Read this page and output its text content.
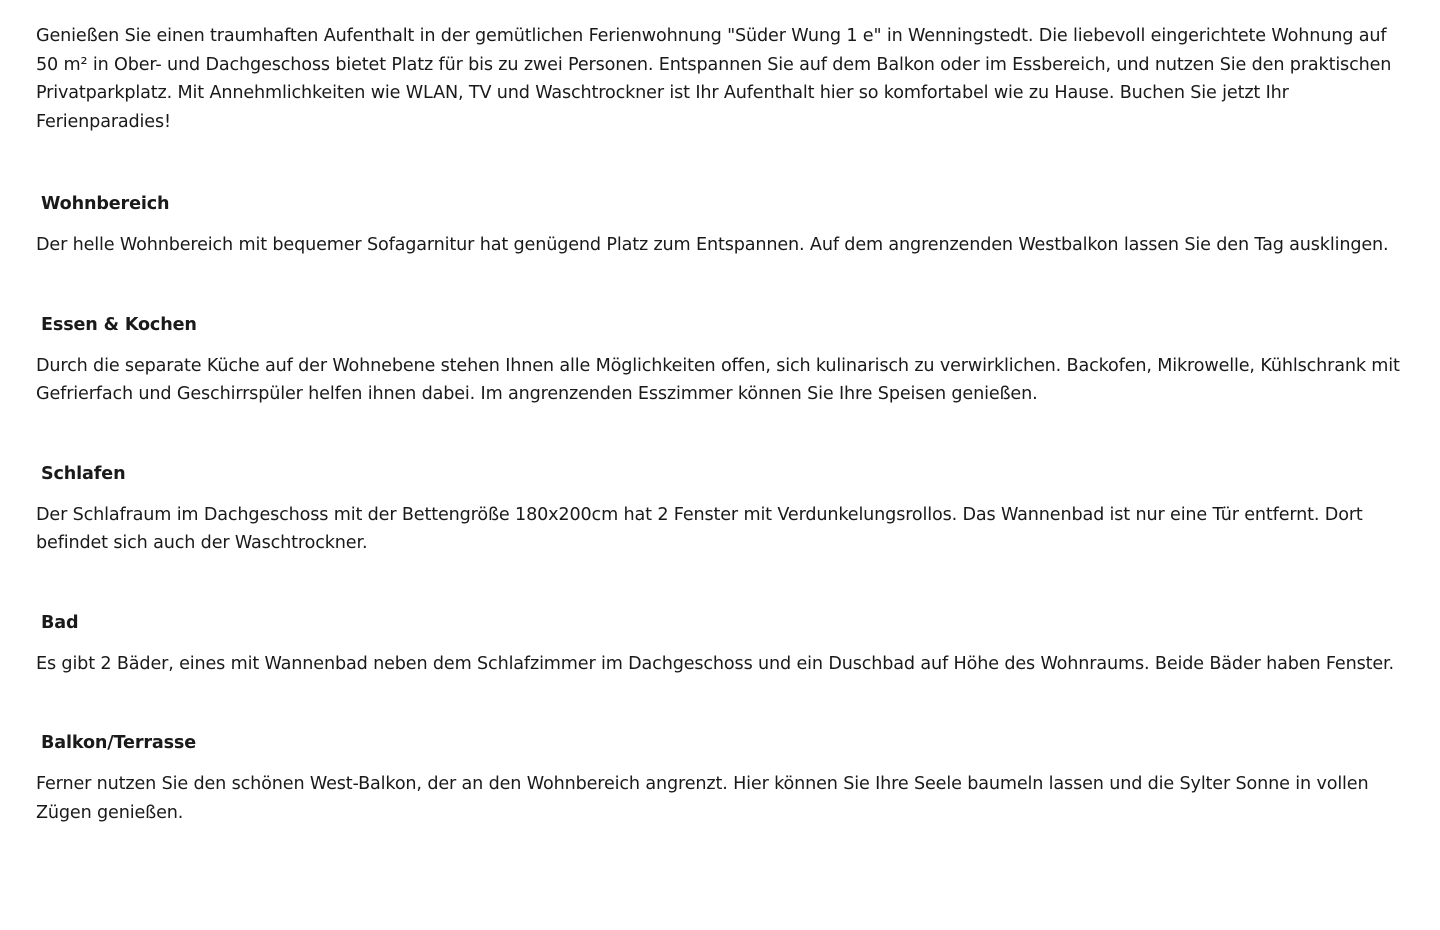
Genießen Sie einen traumhaften Aufenthalt in der gemütlichen Ferienwohnung "Süder Wung 1 e" in Wenningstedt. Die liebevoll eingerichtete Wohnung auf 50 m² in Ober- und Dachgeschoss bietet Platz für bis zu zwei Personen. Entspannen Sie auf dem Balkon oder im Essbereich, und nutzen Sie den praktischen Privatparkplatz. Mit Annehmlichkeiten wie WLAN, TV und Waschtrockner ist Ihr Aufenthalt hier so komfortabel wie zu Hause. Buchen Sie jetzt Ihr Ferienparadies!

Wohnbereich

Der helle Wohnbereich mit bequemer Sofagarnitur hat genügend Platz zum Entspannen. Auf dem angrenzenden Westbalkon lassen Sie den Tag ausklingen.

Essen & Kochen

Durch die separate Küche auf der Wohnebene stehen Ihnen alle Möglichkeiten offen, sich kulinarisch zu verwirklichen. Backofen, Mikrowelle, Kühlschrank mit Gefrierfach und Geschirrspüler helfen ihnen dabei. Im angrenzenden Esszimmer können Sie Ihre Speisen genießen.

Schlafen

Der Schlafraum im Dachgeschoss mit der Bettengröße 180x200cm hat 2 Fenster mit Verdunkelungsrollos. Das Wannenbad ist nur eine Tür entfernt. Dort befindet sich auch der Waschtrockner.

Bad

Es gibt 2 Bäder, eines mit Wannenbad neben dem Schlafzimmer im Dachgeschoss und ein Duschbad auf Höhe des Wohnraums. Beide Bäder haben Fenster.

Balkon/Terrasse

Ferner nutzen Sie den schönen West-Balkon, der an den Wohnbereich angrenzt. Hier können Sie Ihre Seele baumeln lassen und die Sylter Sonne in vollen Zügen genießen.
